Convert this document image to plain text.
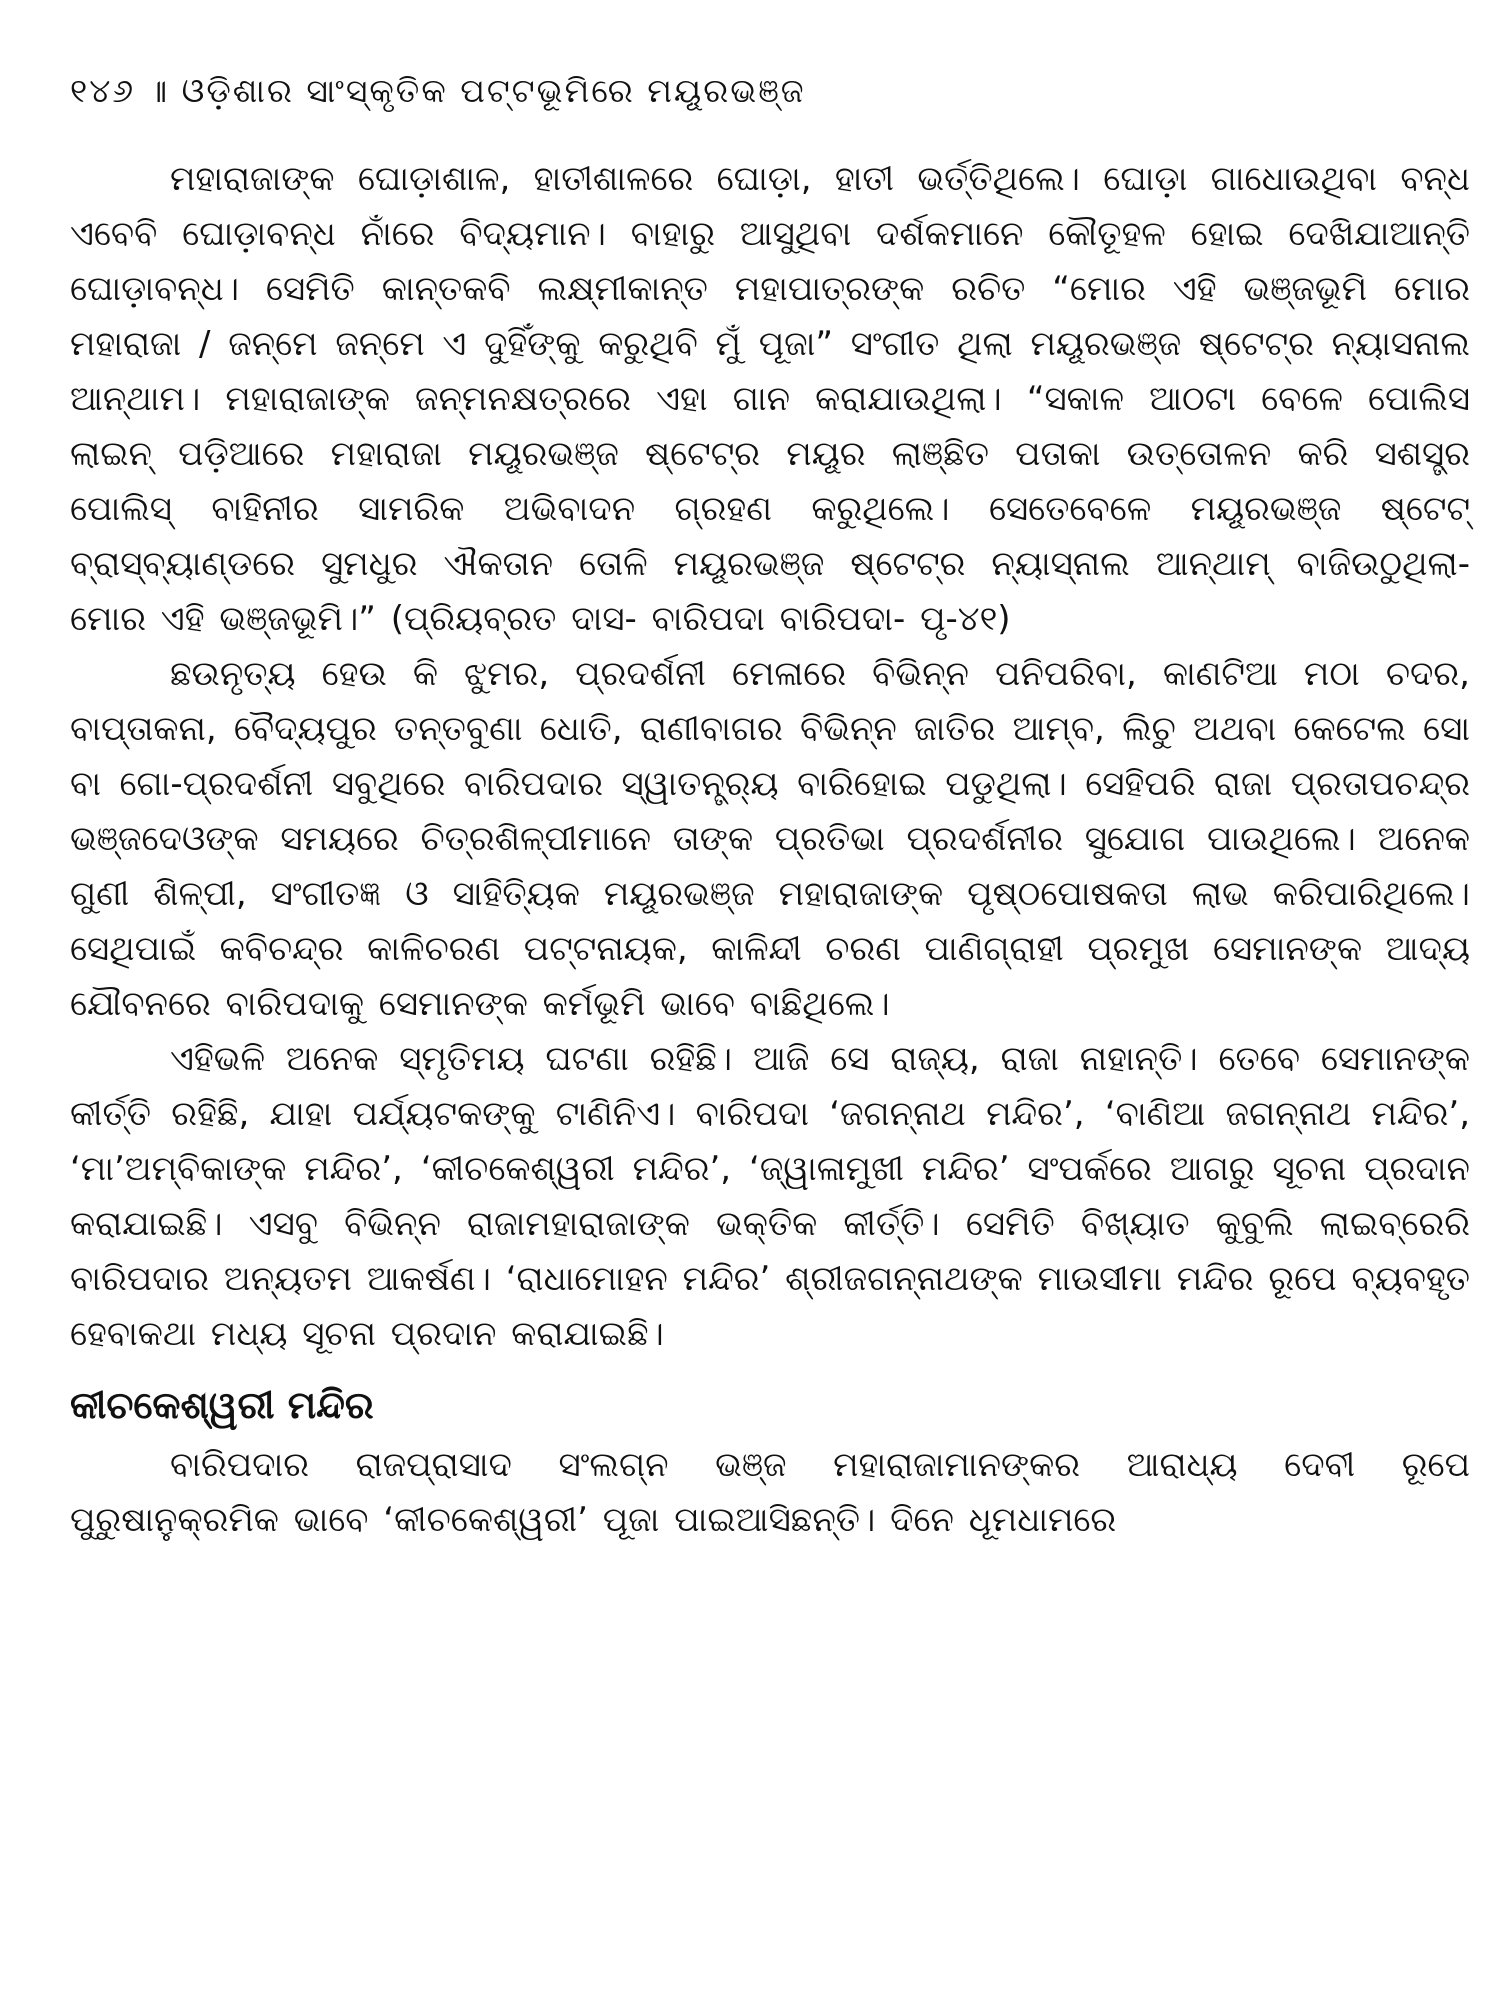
୧୪୬ ॥ ଓଡ଼ିଶାର ସାଂସ୍କୃତିକ ପଟ୍ଟଭୂମିରେ ମୟୂରଭଞ୍ଜ

ମହାରାଜାଙ୍କ ଘୋଡ଼ାଶାଳ, ହାତୀଶାଳରେ ଘୋଡ଼ା, ହାତୀ ଭର୍ତ୍ତିଥିଲେ। ଘୋଡ଼ା ଗାଧୋଉଥିବା ବନ୍ଧ ଏବେବି ଘୋଡ଼ାବନ୍ଧ ନାଁରେ ବିଦ୍ୟମାନ। ବାହାରୁ ଆସୁଥିବା ଦର୍ଶକମାନେ କୌତୂହଳ ହୋଇ ଦେଖିଯାଆନ୍ତି ଘୋଡ଼ାବନ୍ଧ। ସେମିତି କାନ୍ତକବି ଲକ୍ଷ୍ମୀକାନ୍ତ ମହାପାତ୍ରଙ୍କ ରଚିତ “ମୋର ଏହି ଭଞ୍ଜଭୂମି ମୋର ମହାରାଜା / ଜନ୍ମେ ଜନ୍ମେ ଏ ଦୁହିଁଙ୍କୁ କରୁଥିବି ମୁଁ ପୂଜା” ସଂଗୀତ ଥିଲା ମୟୂରଭଞ୍ଜ ଷ୍ଟେଟ୍‌ର ନ୍ୟାସନାଲ ଆନ୍‌ଥାମ। ମହାରାଜାଙ୍କ ଜନ୍ମନକ୍ଷତ୍ରରେ ଏହା ଗାନ କରାଯାଉଥିଲା। “ସକାଳ ଆଠଟା ବେଳେ ପୋଲିସ ଲାଇନ୍ ପଡ଼ିଆରେ ମହାରାଜା ମୟୂରଭଞ୍ଜ ଷ୍ଟେଟ୍‌ର ମୟୂର ଲାଞ୍ଛିତ ପତାକା ଉତ୍ତୋଳନ କରି ସଶସ୍ତ୍ର ପୋଲିସ୍ ବାହିନୀର ସାମରିକ ଅଭିବାଦନ ଗ୍ରହଣ କରୁଥିଲେ। ସେତେବେଳେ ମୟୂରଭଞ୍ଜ ଷ୍ଟେଟ୍ ବ୍ରାସ୍‌ବ୍ୟାଣ୍ଡରେ ସୁମଧୁର ଐକତାନ ତୋଳି ମୟୂରଭଞ୍ଜ ଷ୍ଟେଟ୍‌ର ନ୍ୟାସ୍‌ନାଲ ଆନ୍‌ଥାମ୍ ବାଜିଉଠୁଥିଲା- ମୋର ଏହି ଭଞ୍ଜଭୂମି।” (ପ୍ରିୟବ୍ରତ ଦାସ- ବାରିପଦା ବାରିପଦା- ପୃ-୪୧)

ଛଉନୃତ୍ୟ ହେଉ କି ଝୁମର, ପ୍ରଦର୍ଶନୀ ମେଳାରେ ବିଭିନ୍ନ ପନିପରିବା, କାଣଟିଆ ମଠା ଚଦର, ବାପ୍ତାକନା, ବୈଦ୍ୟପୁର ତନ୍ତବୁଣା ଧୋତି, ରାଣୀବାଗର ବିଭିନ୍ନ ଜାତିର ଆମ୍ବ, ଲିଚୁ ଅଥବା କେଟେଲ ସୋ ବା ଗୋ-ପ୍ରଦର୍ଶନୀ ସବୁଥିରେ ବାରିପଦାର ସ୍ୱାତନ୍ତ୍ର୍ୟ ବାରିହୋଇ ପଡୁଥିଲା। ସେହିପରି ରାଜା ପ୍ରତାପଚନ୍ଦ୍ର ଭଞ୍ଜଦେଓଙ୍କ ସମୟରେ ଚିତ୍ରଶିଳ୍ପୀମାନେ ତାଙ୍କ ପ୍ରତିଭା ପ୍ରଦର୍ଶନୀର ସୁଯୋଗ ପାଉଥିଲେ। ଅନେକ ଗୁଣୀ ଶିଳ୍ପୀ, ସଂଗୀତଜ୍ଞ ଓ ସାହିତ୍ୟିକ ମୟୂରଭଞ୍ଜ ମହାରାଜାଙ୍କ ପୃଷ୍ଠପୋଷକତା ଲାଭ କରିପାରିଥିଲେ। ସେଥିପାଇଁ କବିଚନ୍ଦ୍ର କାଳିଚରଣ ପଟ୍ଟନାୟକ, କାଳିନ୍ଦୀ ଚରଣ ପାଣିଗ୍ରାହୀ ପ୍ରମୁଖ ସେମାନଙ୍କ ଆଦ୍ୟ ଯୌବନରେ ବାରିପଦାକୁ ସେମାନଙ୍କ କର୍ମଭୂମି ଭାବେ ବାଛିଥିଲେ।

ଏହିଭଳି ଅନେକ ସ୍ମୃତିମୟ ଘଟଣା ରହିଛି। ଆଜି ସେ ରାଜ୍ୟ, ରାଜା ନାହାନ୍ତି। ତେବେ ସେମାନଙ୍କ କୀର୍ତ୍ତି ରହିଛି, ଯାହା ପର୍ଯ୍ୟଟକଙ୍କୁ ଟାଣିନିଏ। ବାରିପଦା ‘ଜଗନ୍ନାଥ ମନ୍ଦିର’, ‘ବାଣିଆ ଜଗନ୍ନାଥ ମନ୍ଦିର’, ‘ମା’ଅମ୍ବିକାଙ୍କ ମନ୍ଦିର’, ‘କୀଚକେଶ୍ୱରୀ ମନ୍ଦିର’, ‘ଜ୍ୱାଳାମୁଖୀ ମନ୍ଦିର’ ସଂପର୍କରେ ଆଗରୁ ସୂଚନା ପ୍ରଦାନ କରାଯାଇଛି। ଏସବୁ ବିଭିନ୍ନ ରାଜାମହାରାଜାଙ୍କ ଭକ୍ତିକ କୀର୍ତ୍ତି। ସେମିତି ବିଖ୍ୟାତ କୁବୁଲି ଲାଇବ୍ରେରି ବାରିପଦାର ଅନ୍ୟତମ ଆକର୍ଷଣ। ‘ରାଧାମୋହନ ମନ୍ଦିର’ ଶ୍ରୀଜଗନ୍ନାଥଙ୍କ ମାଉସୀମା ମନ୍ଦିର ରୂପେ ବ୍ୟବହୃତ ହେବାକଥା ମଧ୍ୟ ସୂଚନା ପ୍ରଦାନ କରାଯାଇଛି।

କୀଚକେଶ୍ୱରୀ ମନ୍ଦିର

ବାରିପଦାର ରାଜପ୍ରାସାଦ ସଂଲଗ୍ନ ଭଞ୍ଜ ମହାରାଜାମାନଙ୍କର ଆରାଧ୍ୟ ଦେବୀ ରୂପେ ପୁରୁଷାନୁକ୍ରମିକ ଭାବେ ‘କୀଚକେଶ୍ୱରୀ’ ପୂଜା ପାଇଆସିଛନ୍ତି। ଦିନେ ଧୂମଧାମରେ
